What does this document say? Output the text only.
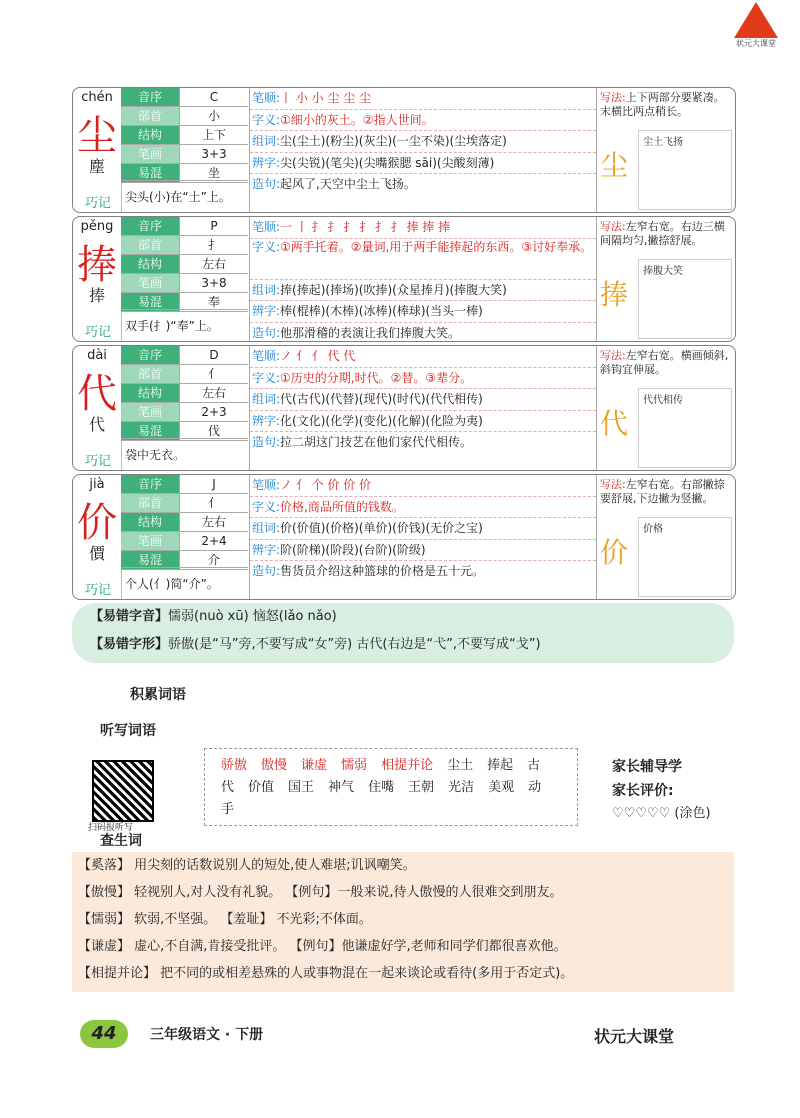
状元大课堂
chén
尘
塵
音序	C
部首	小
结构	上下
笔画	3+3
易混	坐
巧记	尖头(小)在“土”上。
笔顺:丨 小 小 尘 尘 尘
字义:①细小的灰土。②指人世间。
组词:尘(尘土)(粉尘)(灰尘)(一尘不染)(尘埃落定)
辨字:尖(尖锐)(笔尖)(尖嘴猴腮 sāi)(尖酸刻薄)
造句:起风了,天空中尘土飞扬。
写法:上下两部分要紧凑。末横比两点稍长。
尘
尘土飞扬
pěng
捧
捧
音序	P
部首	扌
结构	左右
笔画	3+8
易混	奉
巧记	双手(扌)“奉”上。
笔顺:一 丨 扌 扌 扌 扌 扌 扌 捧 捧 捧
字义:①两手托着。②量词,用于两手能捧起的东西。③讨好奉承。
组词:捧(捧起)(捧场)(吹捧)(众星捧月)(捧腹大笑)
辨字:棒(棍棒)(木棒)(冰棒)(棒球)(当头一棒)
造句:他那滑稽的表演让我们捧腹大笑。
写法:左窄右宽。右边三横间隔均匀,撇捺舒展。
捧
捧腹大笑
dài
代
代
音序	D
部首	亻
结构	左右
笔画	2+3
易混	伐
巧记	袋中无衣。
笔顺:ノ 亻 亻 代 代
字义:①历史的分期,时代。②替。③辈分。
组词:代(古代)(代替)(现代)(时代)(代代相传)
辨字:化(文化)(化学)(变化)(化解)(化险为夷)
造句:拉二胡这门技艺在他们家代代相传。
写法:左窄右宽。横画倾斜,斜钩宜伸展。
代
代代相传
jià
价
價
音序	J
部首	亻
结构	左右
笔画	2+4
易混	介
巧记	个人(亻)简“介”。
笔顺:ノ 亻 个 价 价 价
字义:价格,商品所值的钱数。
组词:价(价值)(价格)(单价)(价钱)(无价之宝)
辨字:阶(阶梯)(阶段)(台阶)(阶级)
造句:售货员介绍这种篮球的价格是五十元。
写法:左窄右宽。右部撇捺要舒展,下边撇为竖撇。
价
价格
【易错字音】懦弱(nuò xū) 恼怒(lǎo nǎo)
【易错字形】骄傲(是“马”旁,不要写成“女”旁) 古代(右边是“弋”,不要写成“戈”)
积累词语
听写词语
扫码报听写
查生词
骄傲 傲慢 谦虚 懦弱 相提并论 尘土 捧起 古代 价值 国王 神气 住嘴 王朝 光洁 美观 动手
家长辅导学
家长评价:
♡♡♡♡♡ (涂色)
【奚落】 用尖刻的话数说别人的短处,使人难堪;讥讽嘲笑。
【傲慢】 轻视别人,对人没有礼貌。 【例句】一般来说,待人傲慢的人很难交到朋友。
【懦弱】 软弱,不坚强。 【羞耻】 不光彩;不体面。
【谦虚】 虚心,不自满,肯接受批评。 【例句】他谦虚好学,老师和同学们都很喜欢他。
【相提并论】 把不同的或相差悬殊的人或事物混在一起来谈论或看待(多用于否定式)。
44	三年级语文 · 下册	状元大课堂
